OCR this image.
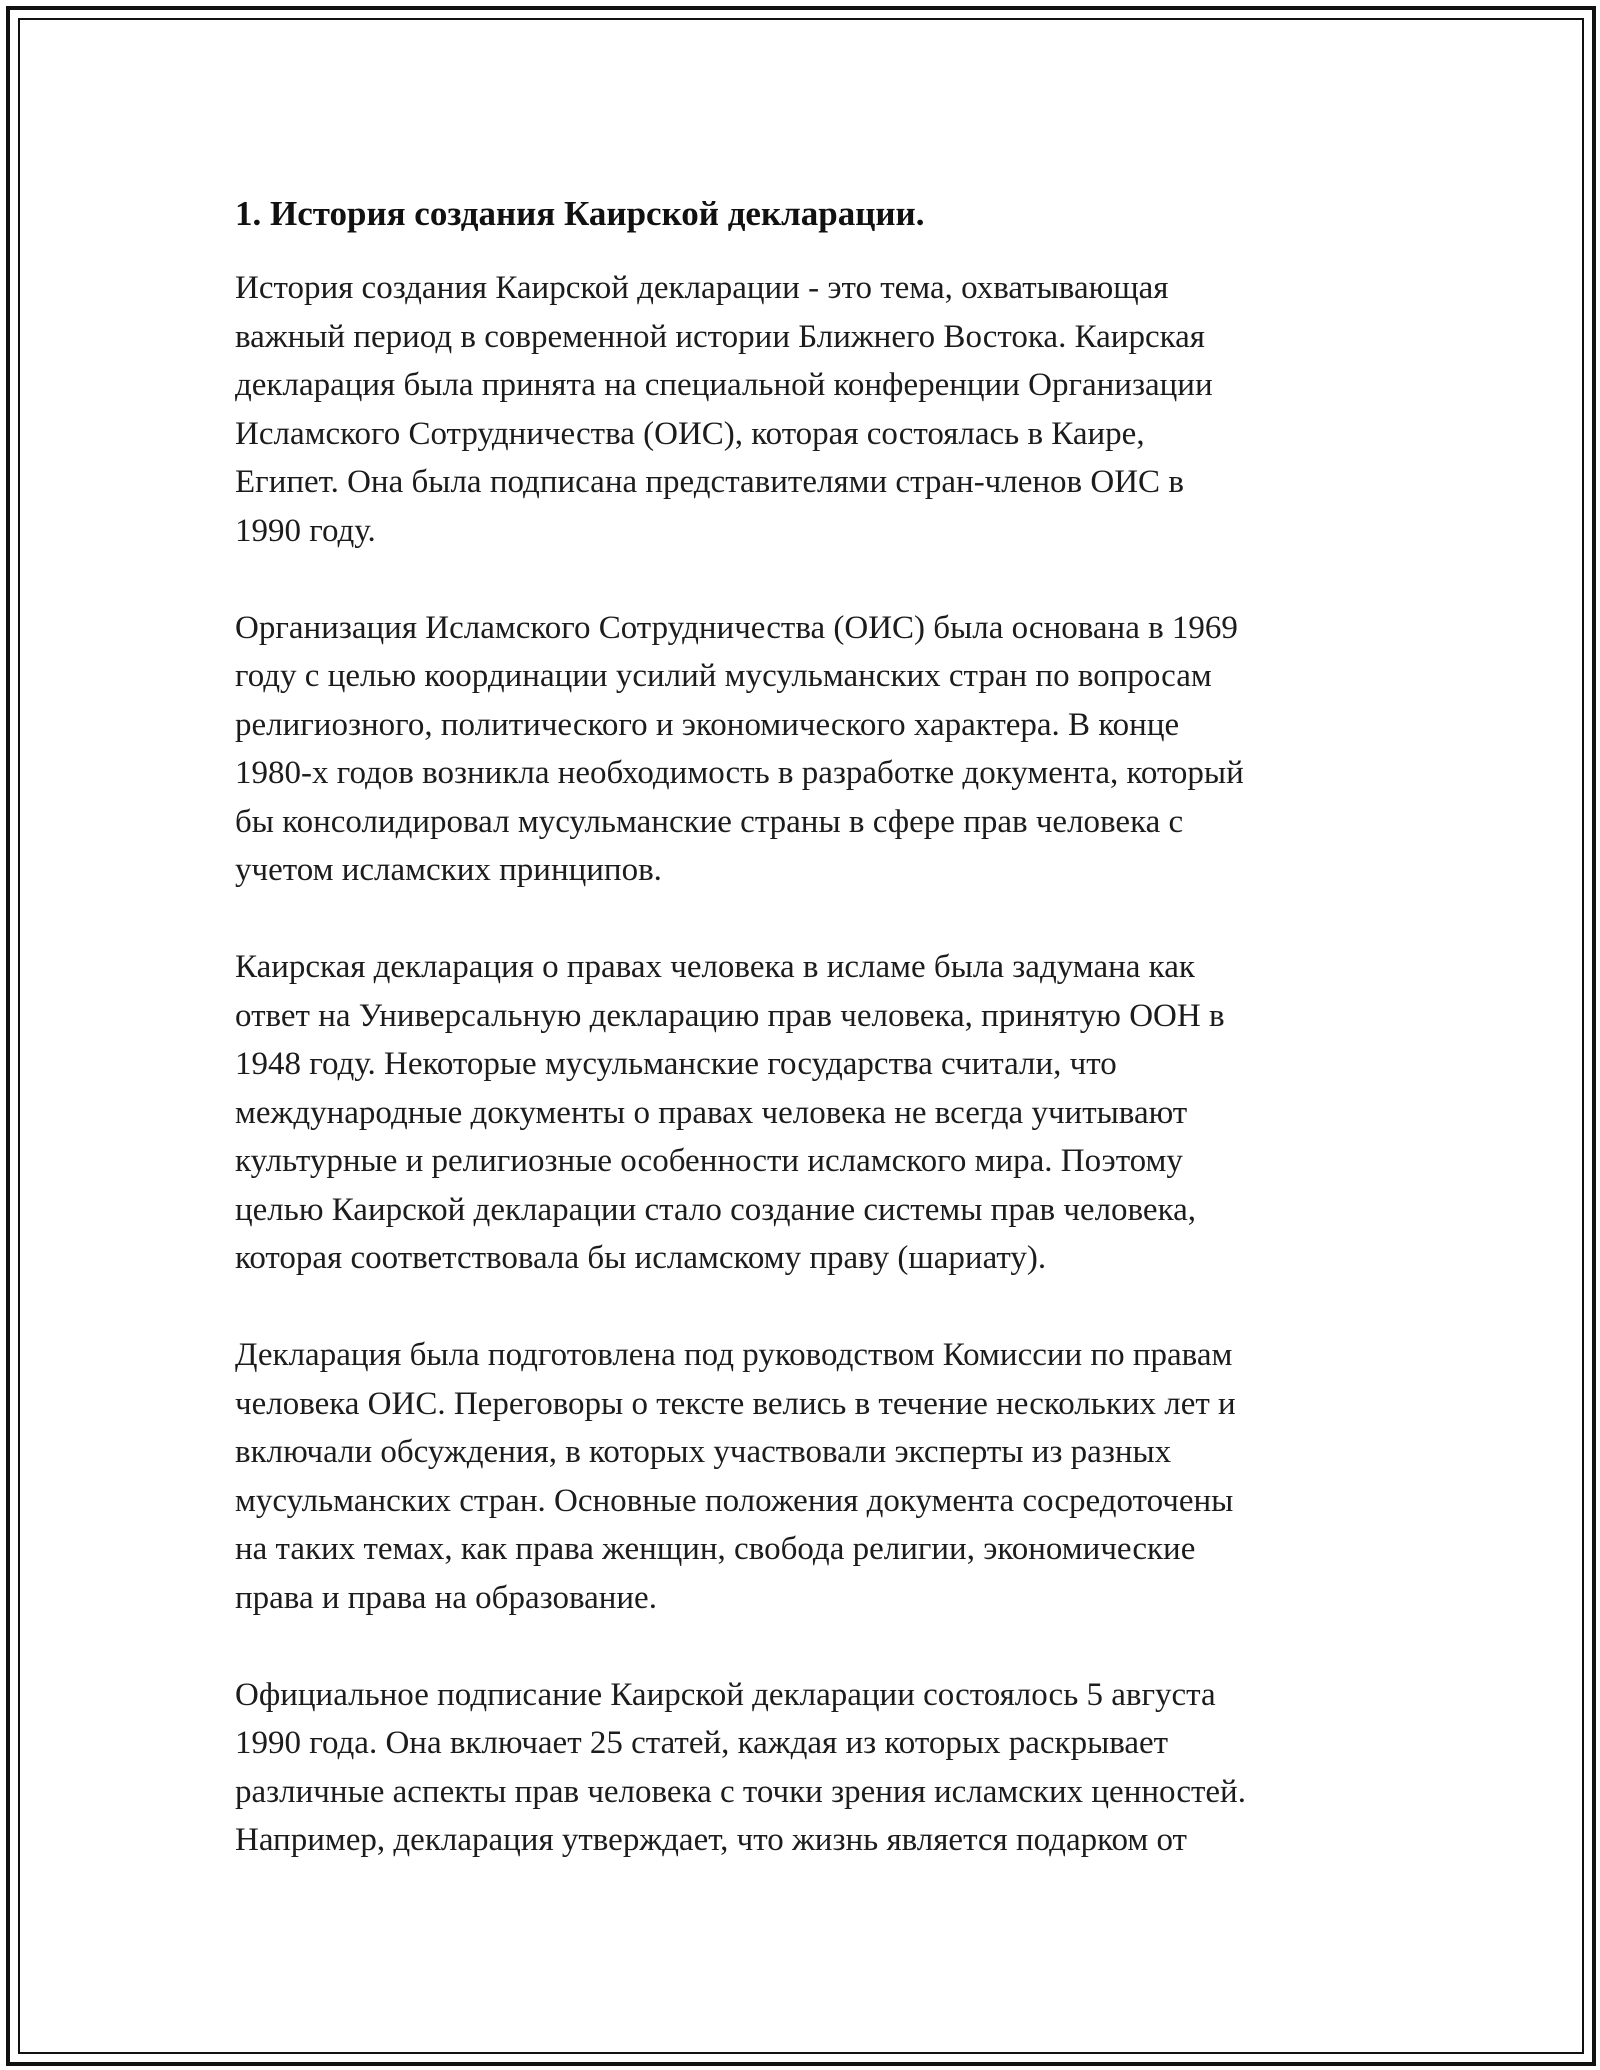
1. История создания Каирской декларации.

История создания Каирской декларации - это тема, охватывающая
важный период в современной истории Ближнего Востока. Каирская
декларация была принята на специальной конференции Организации
Исламского Сотрудничества (ОИС), которая состоялась в Каире,
Египет. Она была подписана представителями стран-членов ОИС в
1990 году.

Организация Исламского Сотрудничества (ОИС) была основана в 1969
году с целью координации усилий мусульманских стран по вопросам
религиозного, политического и экономического характера. В конце
1980-х годов возникла необходимость в разработке документа, который
бы консолидировал мусульманские страны в сфере прав человека с
учетом исламских принципов.

Каирская декларация о правах человека в исламе была задумана как
ответ на Универсальную декларацию прав человека, принятую ООН в
1948 году. Некоторые мусульманские государства считали, что
международные документы о правах человека не всегда учитывают
культурные и религиозные особенности исламского мира. Поэтому
целью Каирской декларации стало создание системы прав человека,
которая соответствовала бы исламскому праву (шариату).

Декларация была подготовлена под руководством Комиссии по правам
человека ОИС. Переговоры о тексте велись в течение нескольких лет и
включали обсуждения, в которых участвовали эксперты из разных
мусульманских стран. Основные положения документа сосредоточены
на таких темах, как права женщин, свобода религии, экономические
права и права на образование.

Официальное подписание Каирской декларации состоялось 5 августа
1990 года. Она включает 25 статей, каждая из которых раскрывает
различные аспекты прав человека с точки зрения исламских ценностей.
Например, декларация утверждает, что жизнь является подарком от
